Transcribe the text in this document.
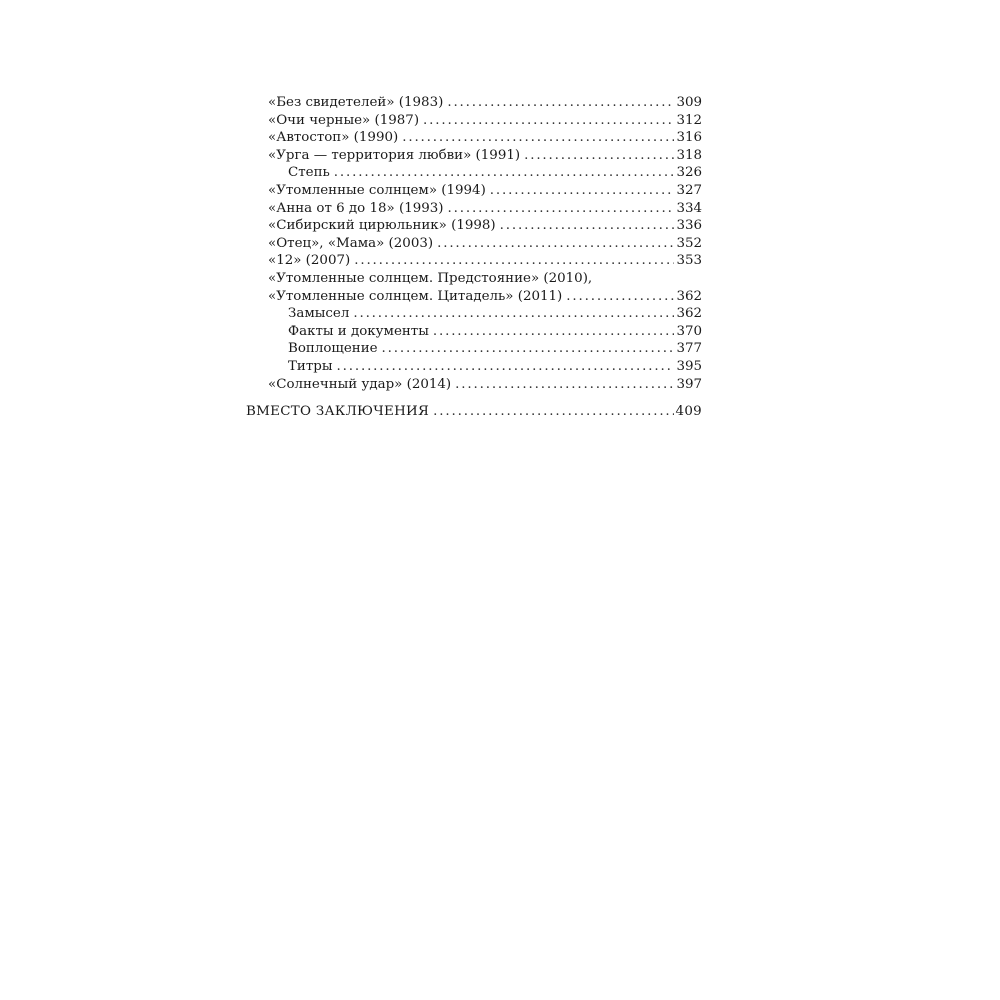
«Без свидетелей» (1983) . . .	309
«Очи черные» (1987) . . .	312
«Автостоп» (1990) . . .	316
«Урга — территория любви» (1991) . . .	318
Степь . . .	326
«Утомленные солнцем» (1994) . . .	327
«Анна от 6 до 18» (1993) . . .	334
«Сибирский цирюльник» (1998) . . .	336
«Отец», «Мама» (2003) . . .	352
«12» (2007) . . .	353
«Утомленные солнцем. Предстояние» (2010),
«Утомленные солнцем. Цитадель» (2011) . . .	362
Замысел . . .	362
Факты и документы . . .	370
Воплощение . . .	377
Титры . . .	395
«Солнечный удар» (2014) . . .	397
ВМЕСТО ЗАКЛЮЧЕНИЯ . . .	409
